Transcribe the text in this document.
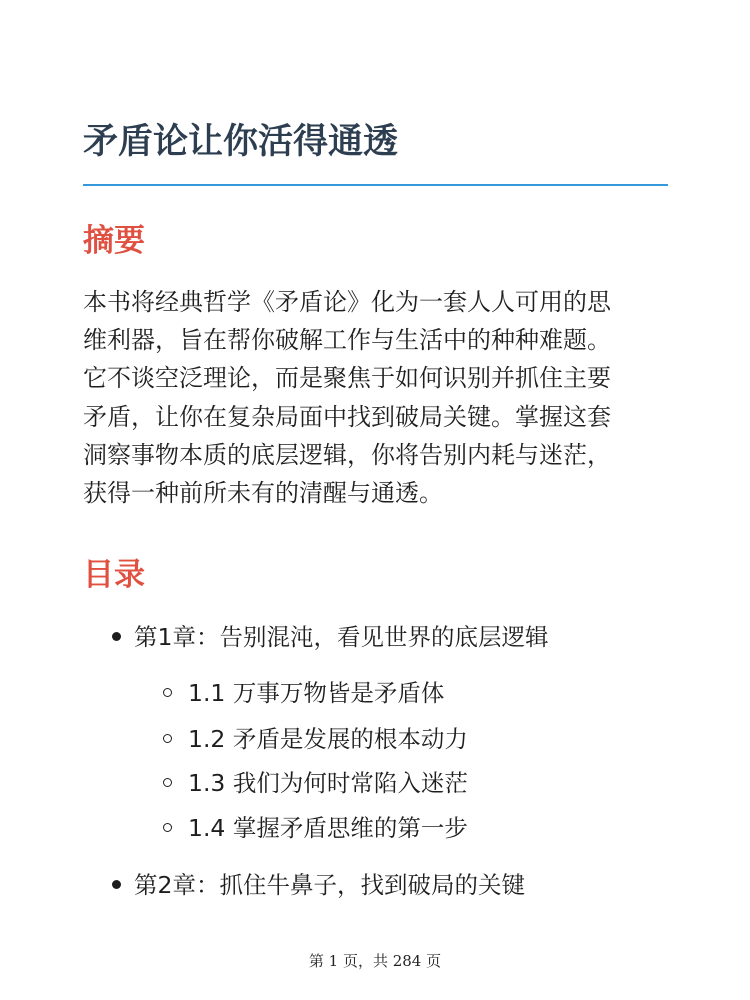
矛盾论让你活得通透
摘要

本书将经典哲学《矛盾论》化为一套人人可用的思
维利器，旨在帮你破解工作与生活中的种种难题。
它不谈空泛理论，而是聚焦于如何识别并抓住主要
矛盾，让你在复杂局面中找到破局关键。掌握这套
洞察事物本质的底层逻辑，你将告别内耗与迷茫，
获得一种前所未有的清醒与通透。

目录
第1章：告别混沌，看见世界的底层逻辑
1.1 万事万物皆是矛盾体
1.2 矛盾是发展的根本动力
1.3 我们为何时常陷入迷茫
1.4 掌握矛盾思维的第一步
第2章：抓住牛鼻子，找到破局的关键
第 1 页，共 284 页
